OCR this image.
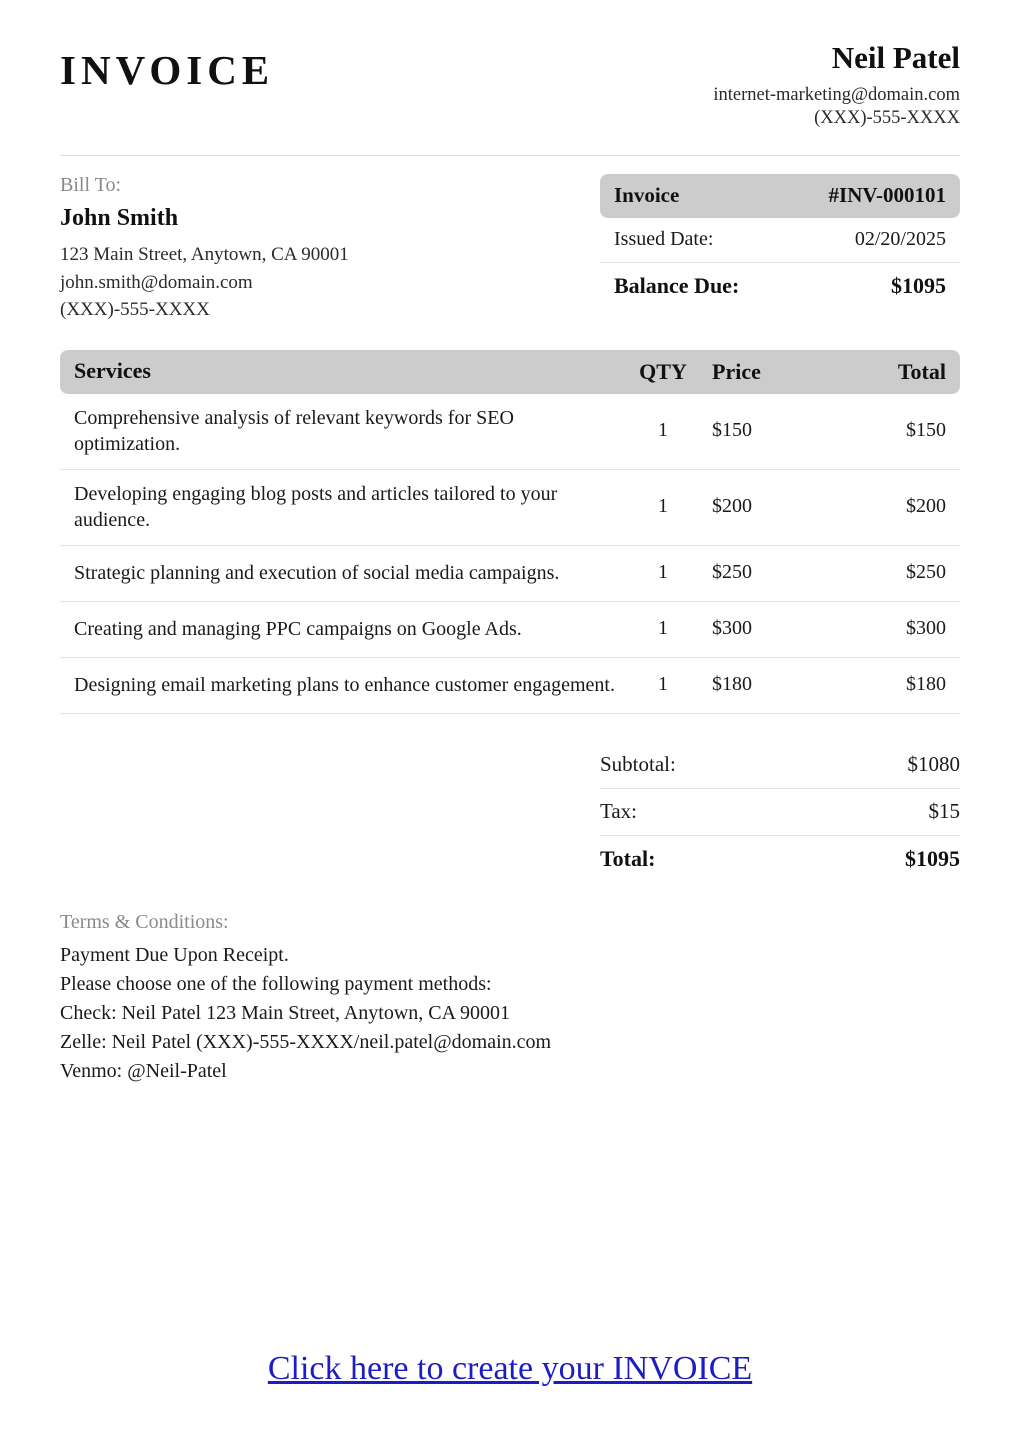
INVOICE	Neil Patel
internet-marketing@domain.com
(XXX)-555-XXXX
Bill To:
John Smith
123 Main Street, Anytown, CA 90001
john.smith@domain.com
(XXX)-555-XXXX
Invoice	#INV-000101
Issued Date:	02/20/2025
Balance Due:	$1095
Services	QTY	Price	Total
Comprehensive analysis of relevant keywords for SEO optimization.
1	$150	$150
Developing engaging blog posts and articles tailored to your audience.
1	$200	$200
Strategic planning and execution of social media campaigns.	1	$250	$250
Creating and managing PPC campaigns on Google Ads.	1	$300	$300
Designing email marketing plans to enhance customer engagement.	1	$180	$180
Subtotal:	$1080
Tax:	$15
Total:	$1095
Terms & Conditions:
Payment Due Upon Receipt.
Please choose one of the following payment methods:
Check: Neil Patel 123 Main Street, Anytown, CA 90001
Zelle: Neil Patel (XXX)-555-XXXX/neil.patel@domain.com
Venmo: @Neil-Patel
Click here to create your INVOICE
